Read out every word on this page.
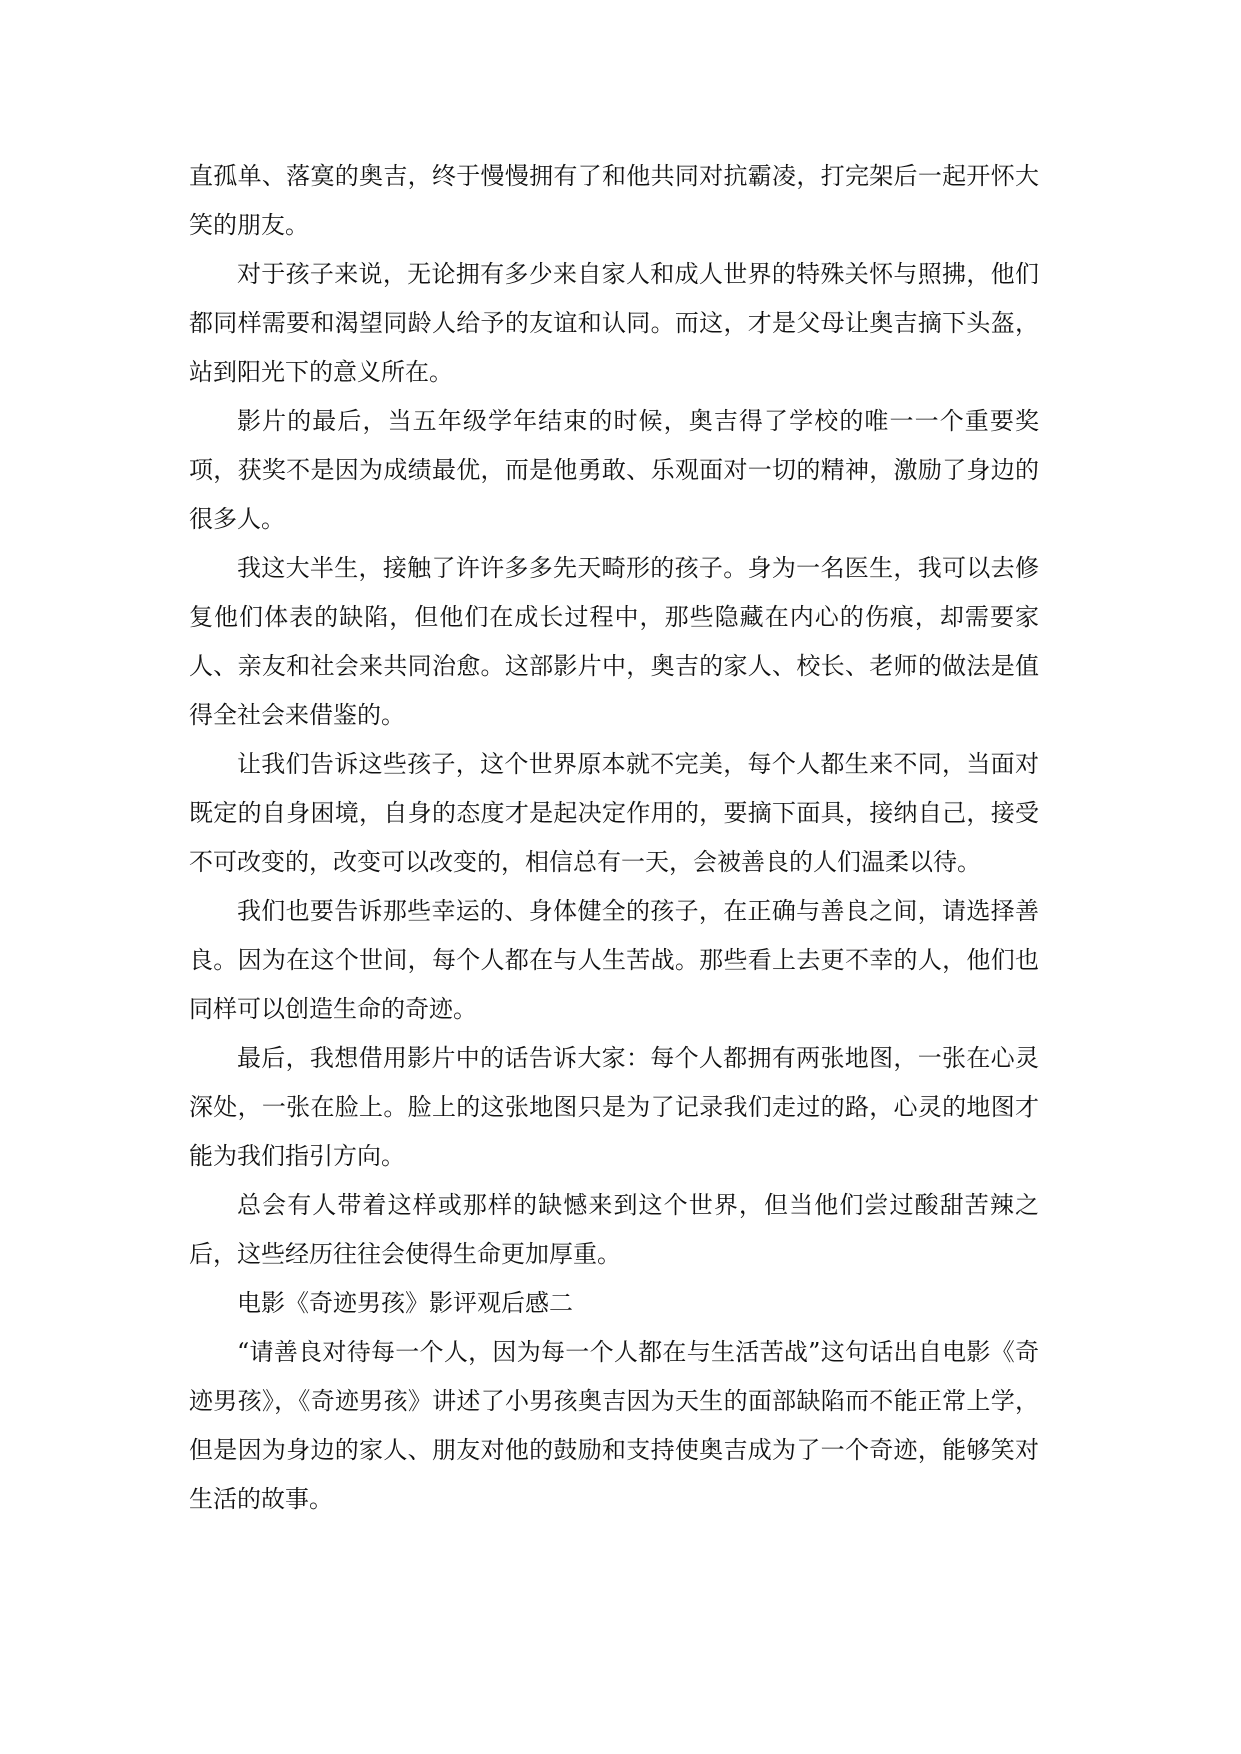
直孤单、落寞的奥吉，终于慢慢拥有了和他共同对抗霸凌，打完架后一起开怀大笑的朋友。

对于孩子来说，无论拥有多少来自家人和成人世界的特殊关怀与照拂，他们都同样需要和渴望同龄人给予的友谊和认同。而这，才是父母让奥吉摘下头盔，站到阳光下的意义所在。

影片的最后，当五年级学年结束的时候，奥吉得了学校的唯一一个重要奖项，获奖不是因为成绩最优，而是他勇敢、乐观面对一切的精神，激励了身边的很多人。

我这大半生，接触了许许多多先天畸形的孩子。身为一名医生，我可以去修复他们体表的缺陷，但他们在成长过程中，那些隐藏在内心的伤痕，却需要家人、亲友和社会来共同治愈。这部影片中，奥吉的家人、校长、老师的做法是值得全社会来借鉴的。

让我们告诉这些孩子，这个世界原本就不完美，每个人都生来不同，当面对既定的自身困境，自身的态度才是起决定作用的，要摘下面具，接纳自己，接受不可改变的，改变可以改变的，相信总有一天，会被善良的人们温柔以待。

我们也要告诉那些幸运的、身体健全的孩子，在正确与善良之间，请选择善良。因为在这个世间，每个人都在与人生苦战。那些看上去更不幸的人，他们也同样可以创造生命的奇迹。

最后，我想借用影片中的话告诉大家：每个人都拥有两张地图，一张在心灵深处，一张在脸上。脸上的这张地图只是为了记录我们走过的路，心灵的地图才能为我们指引方向。

总会有人带着这样或那样的缺憾来到这个世界，但当他们尝过酸甜苦辣之后，这些经历往往会使得生命更加厚重。

电影《奇迹男孩》影评观后感二

“请善良对待每一个人，因为每一个人都在与生活苦战”这句话出自电影《奇迹男孩》，《奇迹男孩》讲述了小男孩奥吉因为天生的面部缺陷而不能正常上学，但是因为身边的家人、朋友对他的鼓励和支持使奥吉成为了一个奇迹，能够笑对生活的故事。
